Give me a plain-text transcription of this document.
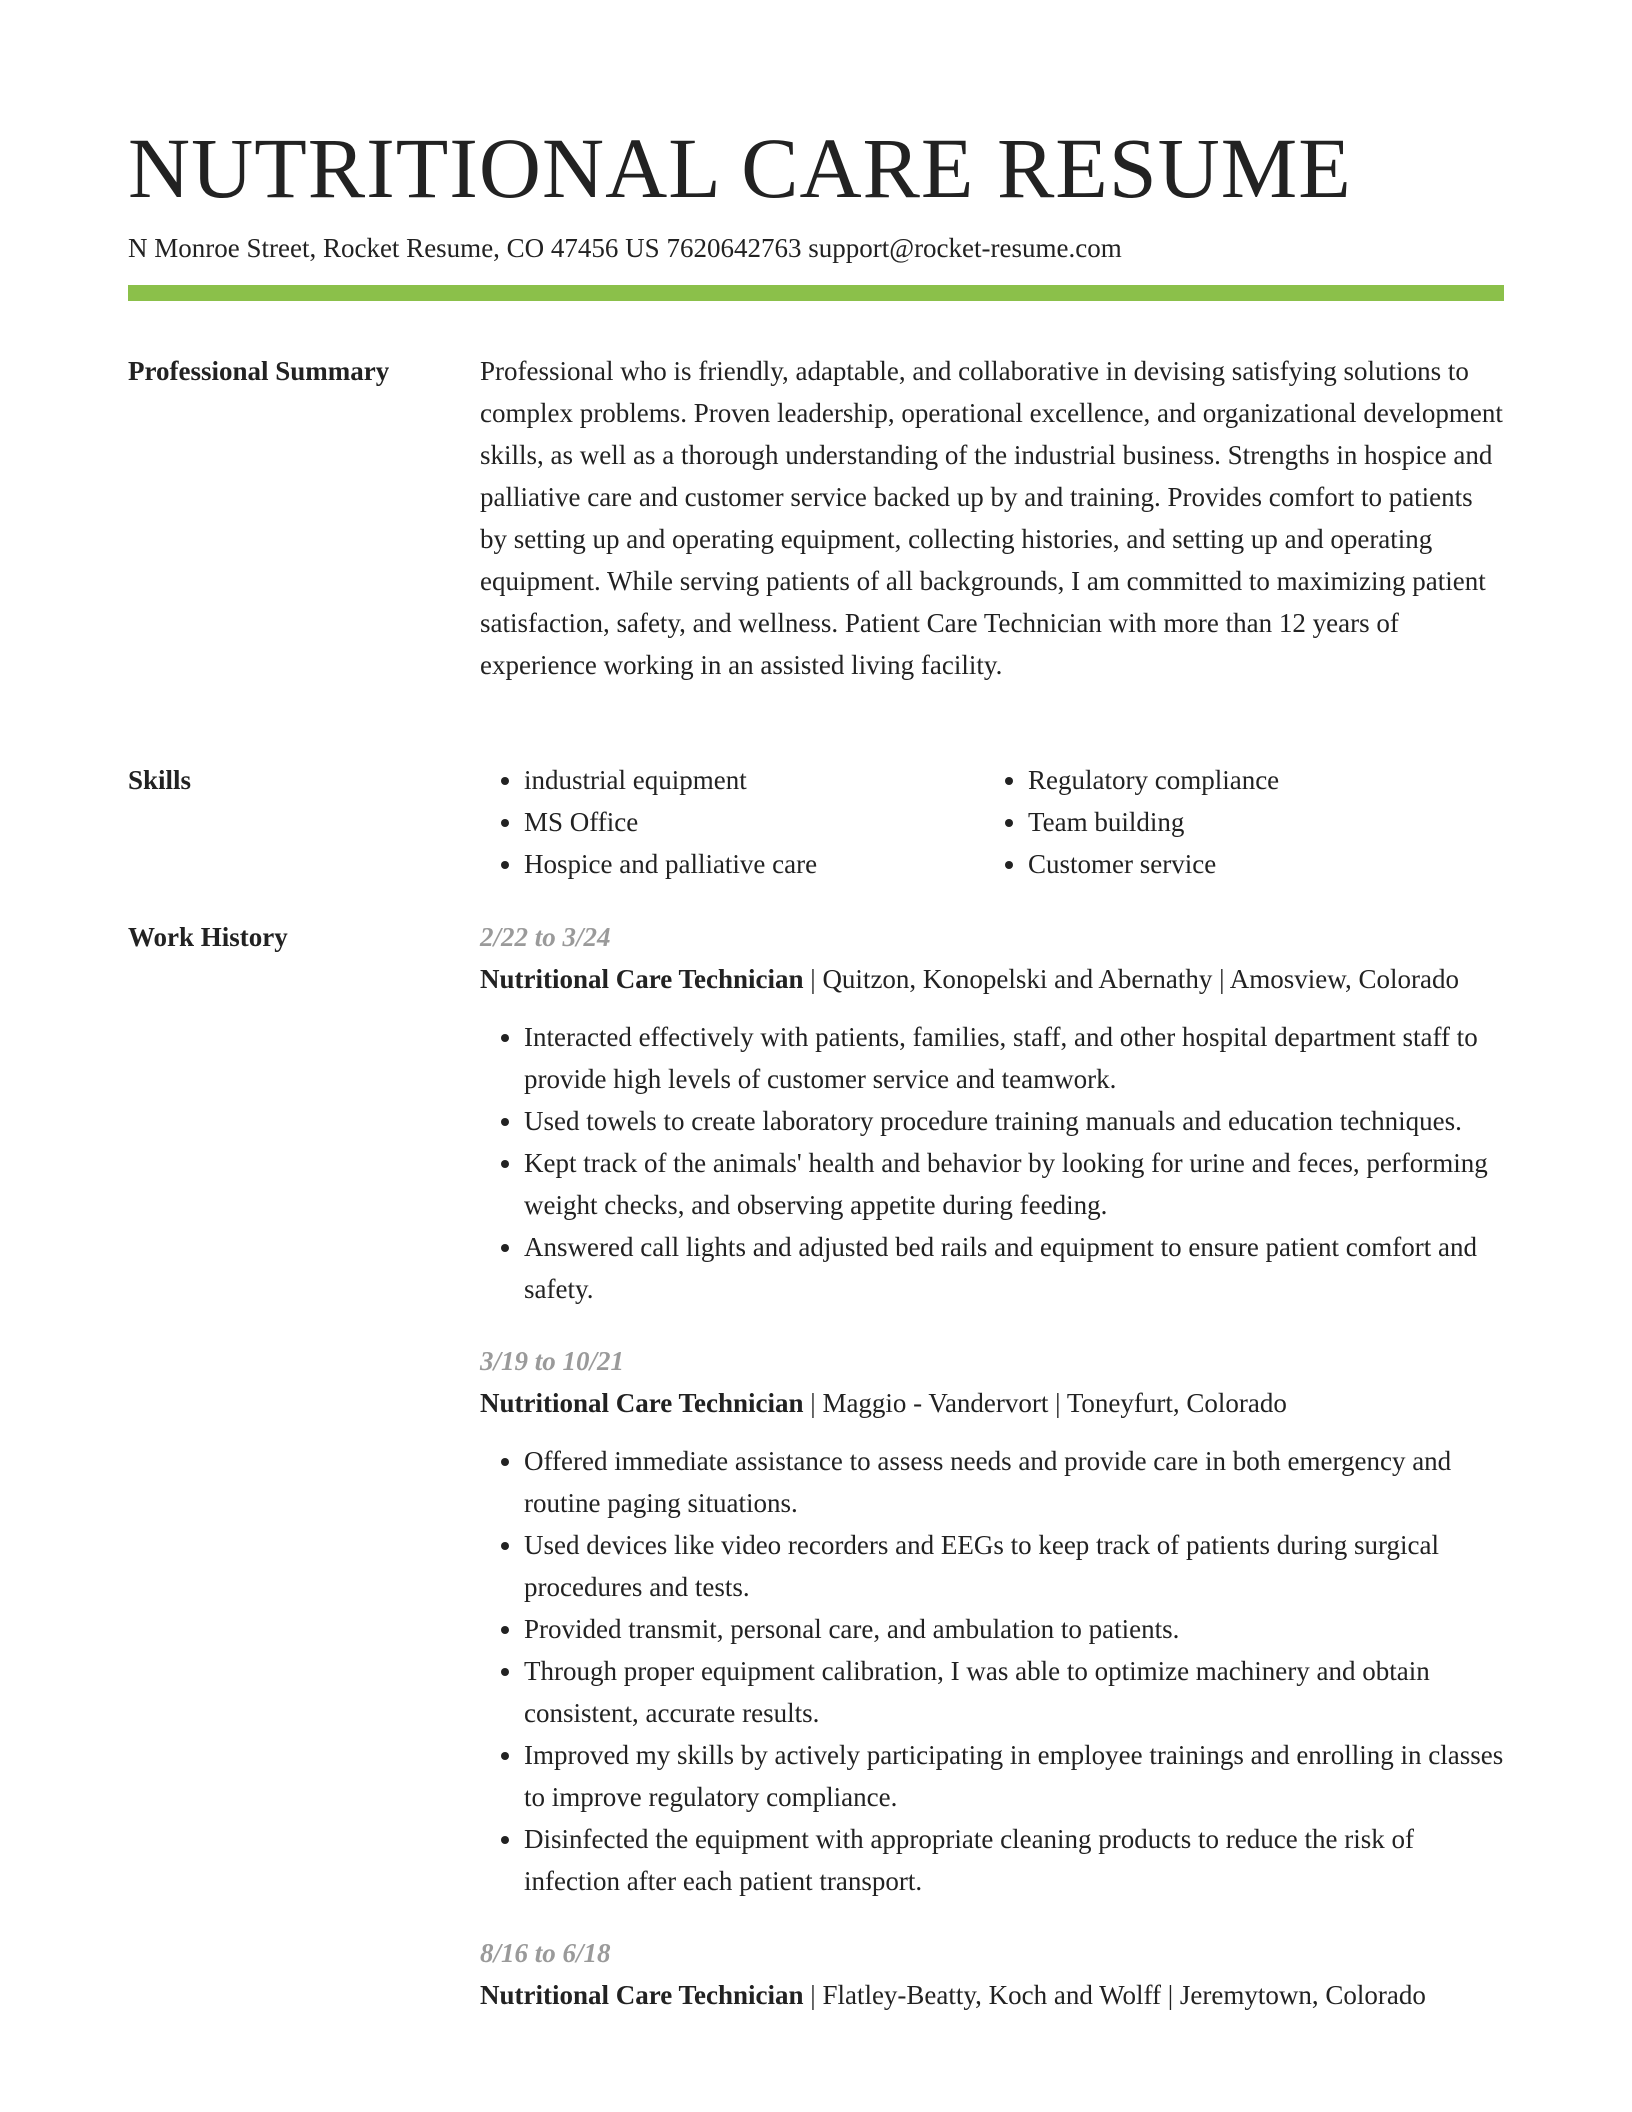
NUTRITIONAL CARE RESUME
N Monroe Street, Rocket Resume, CO 47456 US 7620642763 support@rocket-resume.com
Professional Summary	Professional who is friendly, adaptable, and collaborative in devising satisfying solutions to complex problems. Proven leadership, operational excellence, and organizational development skills, as well as a thorough understanding of the industrial business. Strengths in hospice and palliative care and customer service backed up by and training. Provides comfort to patients by setting up and operating equipment, collecting histories, and setting up and operating equipment. While serving patients of all backgrounds, I am committed to maximizing patient satisfaction, safety, and wellness. Patient Care Technician with more than 12 years of experience working in an assisted living facility.

Skills	• industrial equipment
• MS Office
• Hospice and palliative care
• Regulatory compliance
• Team building
• Customer service
Work History	2/22 to 3/24
Nutritional Care Technician | Quitzon, Konopelski and Abernathy | Amosview, Colorado
• Interacted effectively with patients, families, staff, and other hospital department staff to provide high levels of customer service and teamwork.
• Used towels to create laboratory procedure training manuals and education techniques.
• Kept track of the animals' health and behavior by looking for urine and feces, performing weight checks, and observing appetite during feeding.
• Answered call lights and adjusted bed rails and equipment to ensure patient comfort and safety.
3/19 to 10/21
Nutritional Care Technician | Maggio - Vandervort | Toneyfurt, Colorado
• Offered immediate assistance to assess needs and provide care in both emergency and routine paging situations.
• Used devices like video recorders and EEGs to keep track of patients during surgical procedures and tests.
• Provided transmit, personal care, and ambulation to patients.
• Through proper equipment calibration, I was able to optimize machinery and obtain consistent, accurate results.
• Improved my skills by actively participating in employee trainings and enrolling in classes to improve regulatory compliance.
• Disinfected the equipment with appropriate cleaning products to reduce the risk of infection after each patient transport.
8/16 to 6/18
Nutritional Care Technician | Flatley-Beatty, Koch and Wolff | Jeremytown, Colorado
